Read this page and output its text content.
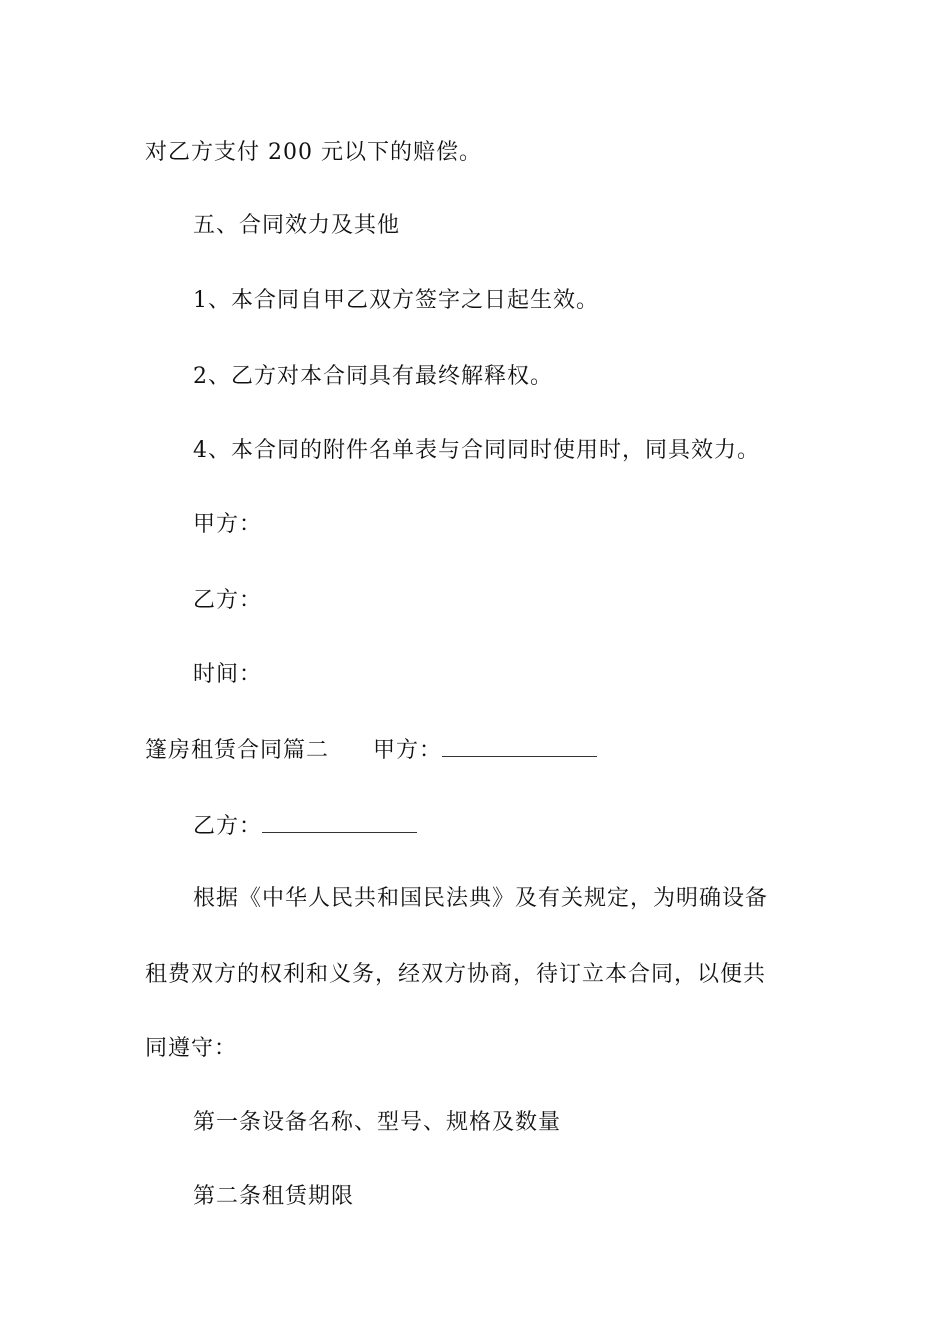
对乙方支付 200 元以下的赔偿。
五、合同效力及其他
1、本合同自甲乙双方签字之日起生效。
2、乙方对本合同具有最终解释权。
4、本合同的附件名单表与合同同时使用时，同具效力。
甲方：
乙方：
时间：
篷房租赁合同篇二 甲方：
乙方：
根据《中华人民共和国民法典》及有关规定，为明确设备
租费双方的权利和义务，经双方协商，待订立本合同，以便共
同遵守：
第一条设备名称、型号、规格及数量
第二条租赁期限
